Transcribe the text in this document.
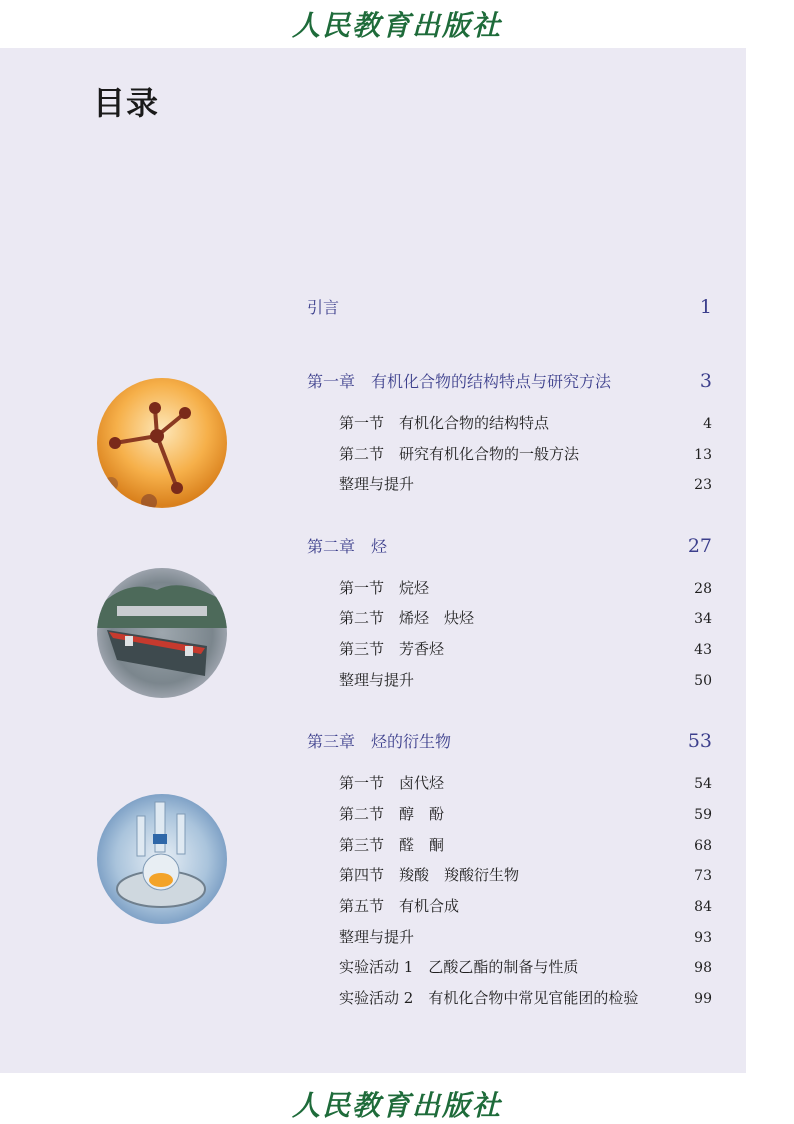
人民教育出版社
目录
引言	1
第一章 有机化合物的结构特点与研究方法	3
第一节 有机化合物的结构特点	4
第二节 研究有机化合物的一般方法	13
整理与提升	23
第二章 烃	27
第一节 烷烃	28
第二节 烯烃 炔烃	34
第三节 芳香烃	43
整理与提升	50
第三章 烃的衍生物	53
第一节 卤代烃	54
第二节 醇 酚	59
第三节 醛 酮	68
第四节 羧酸 羧酸衍生物	73
第五节 有机合成	84
整理与提升	93
实验活动 1 乙酸乙酯的制备与性质	98
实验活动 2 有机化合物中常见官能团的检验	99
人民教育出版社
